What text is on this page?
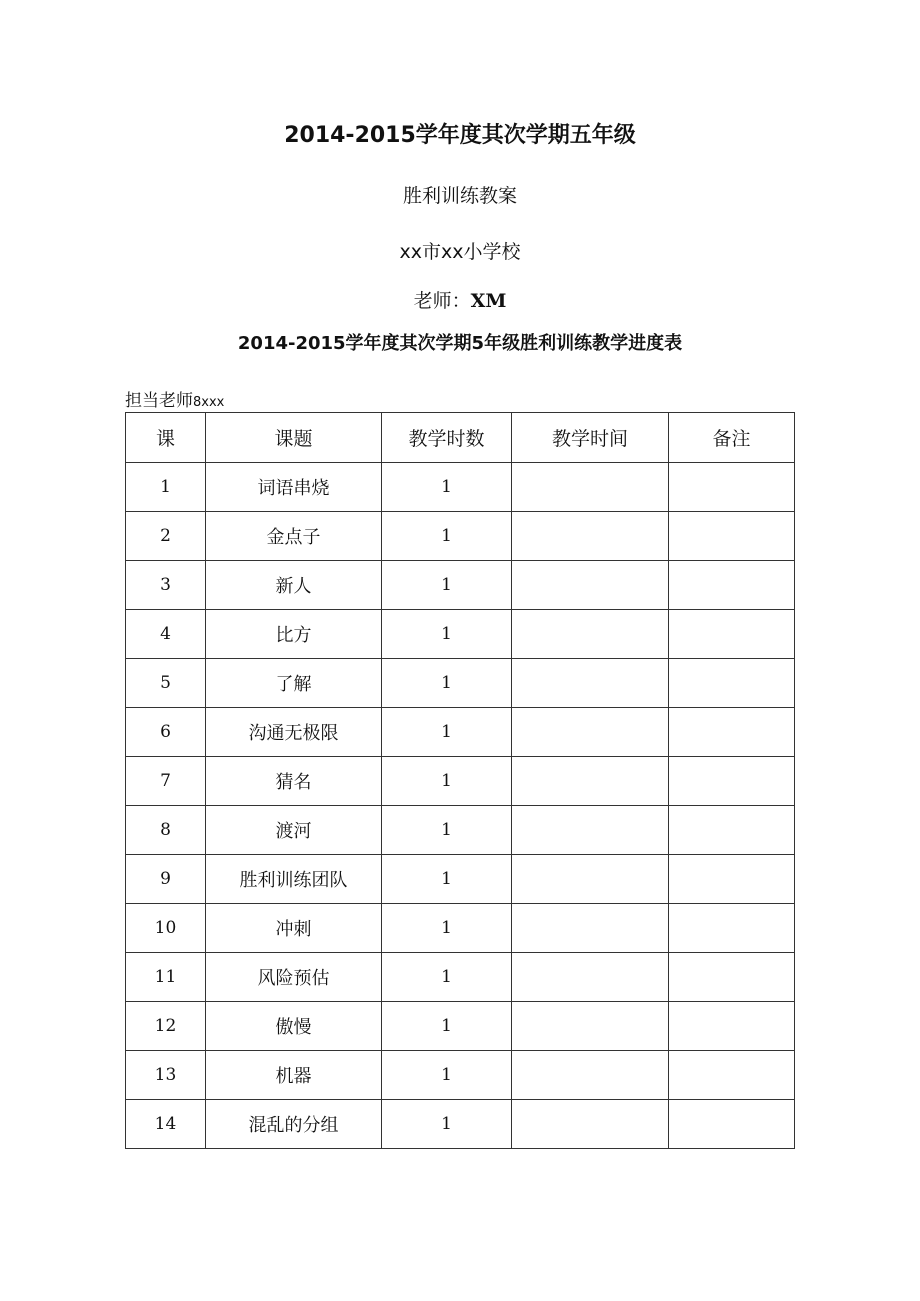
2014-2015学年度其次学期五年级
胜利训练教案
xx市xx小学校
老师：XM
2014-2015学年度其次学期5年级胜利训练教学进度表
担当老师8xxx
课	课题	教学时数	教学时间	备注
1	词语串烧	1		
2	金点子	1		
3	新人	1		
4	比方	1		
5	了解	1		
6	沟通无极限	1		
7	猜名	1		
8	渡河	1		
9	胜利训练团队	1		
10	冲刺	1		
11	风险预估	1		
12	傲慢	1		
13	机器	1		
14	混乱的分组	1		
